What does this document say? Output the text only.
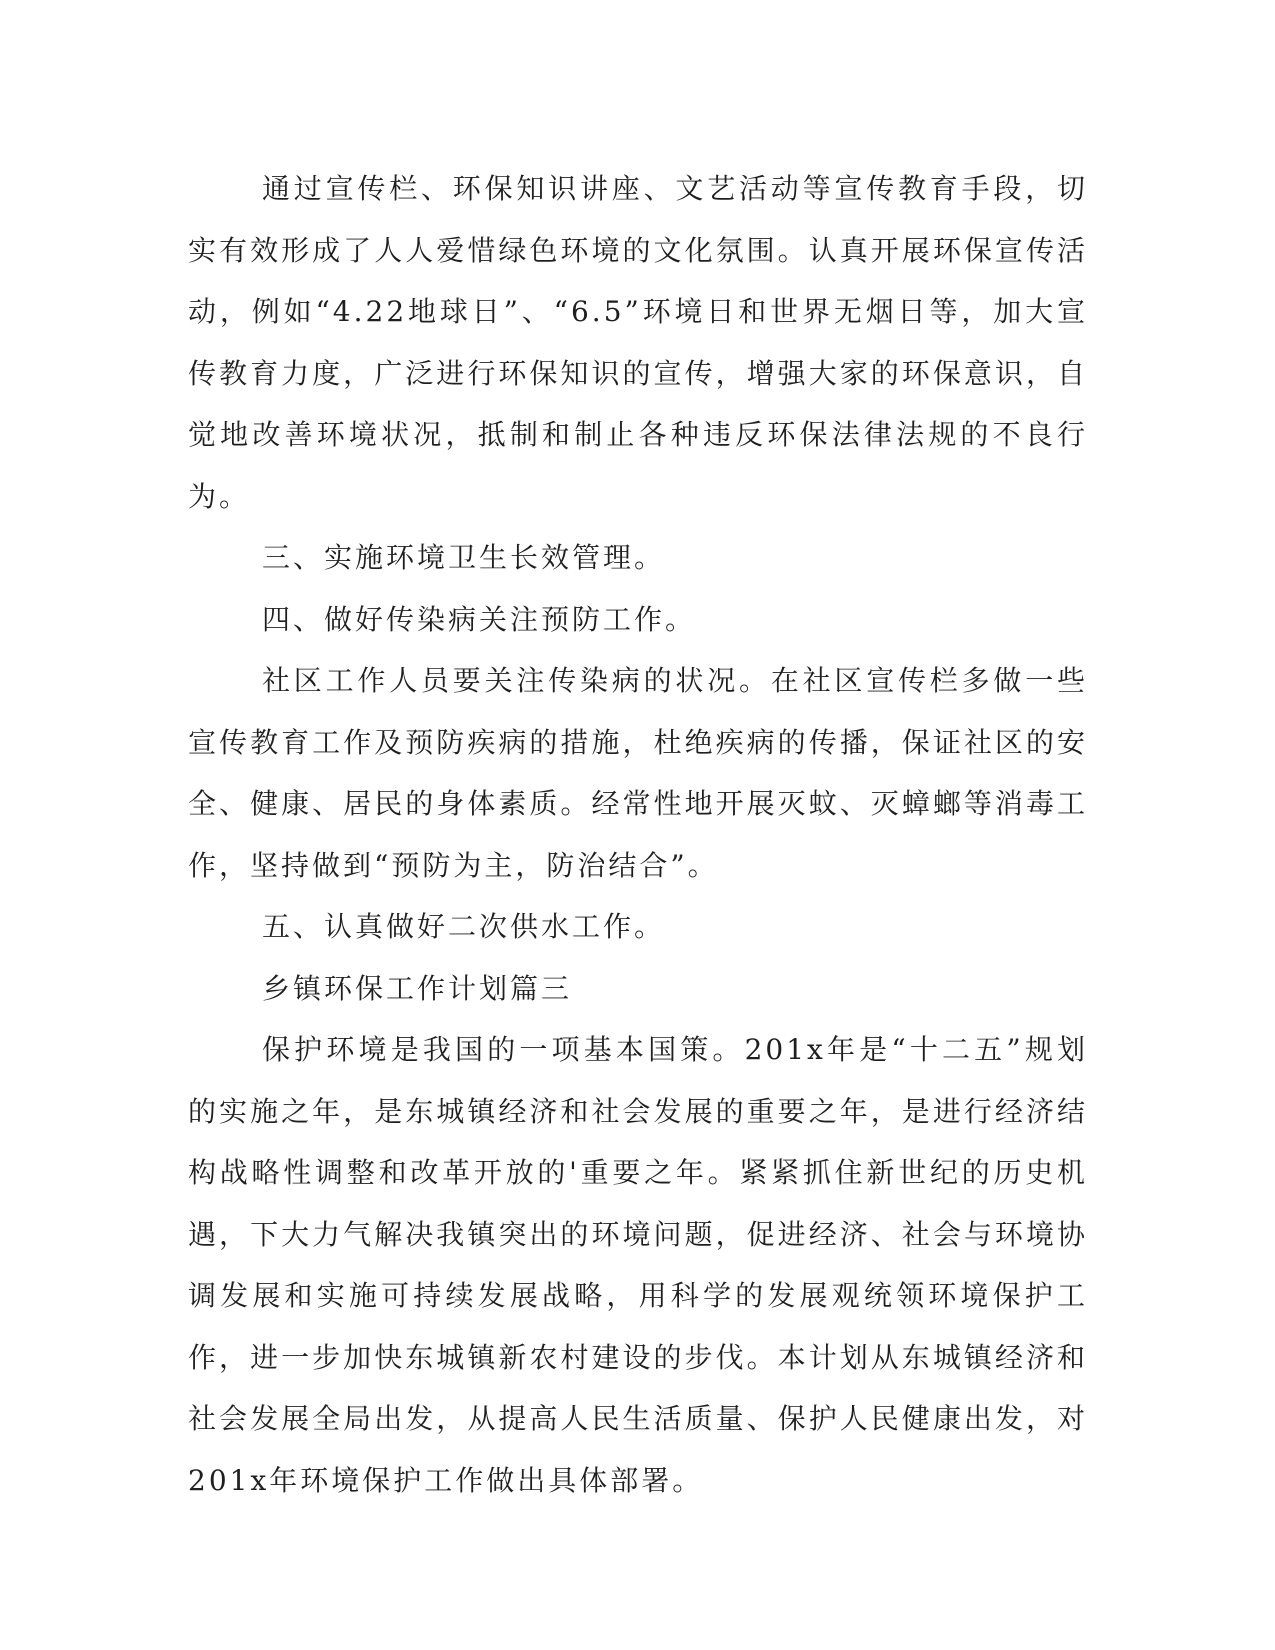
通过宣传栏、环保知识讲座、文艺活动等宣传教育手段，切实有效形成了人人爱惜绿色环境的文化氛围。认真开展环保宣传活动，例如“4.22地球日”、“6.5”环境日和世界无烟日等，加大宣传教育力度，广泛进行环保知识的宣传，增强大家的环保意识，自觉地改善环境状况，抵制和制止各种违反环保法律法规的不良行为。

三、实施环境卫生长效管理。

四、做好传染病关注预防工作。

社区工作人员要关注传染病的状况。在社区宣传栏多做一些宣传教育工作及预防疾病的措施，杜绝疾病的传播，保证社区的安全、健康、居民的身体素质。经常性地开展灭蚊、灭蟑螂等消毒工作，坚持做到“预防为主，防治结合”。

五、认真做好二次供水工作。

乡镇环保工作计划篇三

保护环境是我国的一项基本国策。201x年是“十二五”规划的实施之年，是东城镇经济和社会发展的重要之年，是进行经济结构战略性调整和改革开放的'重要之年。紧紧抓住新世纪的历史机遇，下大力气解决我镇突出的环境问题，促进经济、社会与环境协调发展和实施可持续发展战略，用科学的发展观统领环境保护工作，进一步加快东城镇新农村建设的步伐。本计划从东城镇经济和社会发展全局出发，从提高人民生活质量、保护人民健康出发，对201x年环境保护工作做出具体部署。
